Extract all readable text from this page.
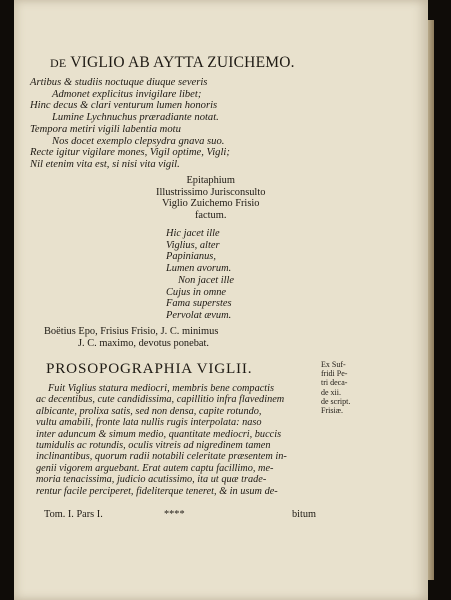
DE VIGLIO AB AYTTA ZUICHEMO.
Artibus & studiis noctuque diuque severis
Admonet explicitus invigilare libet;
Hinc decus & clari venturum lumen honoris
Lumine Lychnuchus præradiante notat.
Tempora metiri vigili labentia motu
Nos docet exemplo clepsydra gnava suo.
Recte igitur vigilare mones, Vigil optime, Vigli;
Nil etenim vita est, si nisi vita vigil.
Epitaphium
Illustrissimo Jurisconsulto
Viglio Zuichemo Frisio
factum.
Hic jacet ille
Viglius, alter
Papinianus,
Lumen avorum.
Non jacet ille
Cujus in omne
Fama superstes
Pervolat ævum.
Boëtius Epo, Frisius Frisio, J. C. minimus
J. C. maximo, devotus ponebat.
PROSOPOGRAPHIA VIGLII.	Ex Suf-
fridi Pe-
tri deca-
de xii.
de script.
Frisiæ.
Fuit Viglius statura mediocri, membris bene compactis
ac decentibus, cute candidissima, capillitio infra flavedinem
albicante, prolixa satis, sed non densa, capite rotundo,
vultu amabili, fronte lata nullis rugis interpolata: naso
inter aduncum & simum medio, quantitate mediocri, buccis
tumidulis ac rotundis, oculis vitreis ad nigredinem tamen
inclinantibus, quorum radii notabili celeritate præsentem in-
genii vigorem arguebant. Erat autem captu facillimo, me-
moria tenacissima, judicio acutissimo, ita ut quæ trade-
rentur facile perciperet, fideliterque teneret, & in usum de-
Tom. I. Pars I.	****	bitum
